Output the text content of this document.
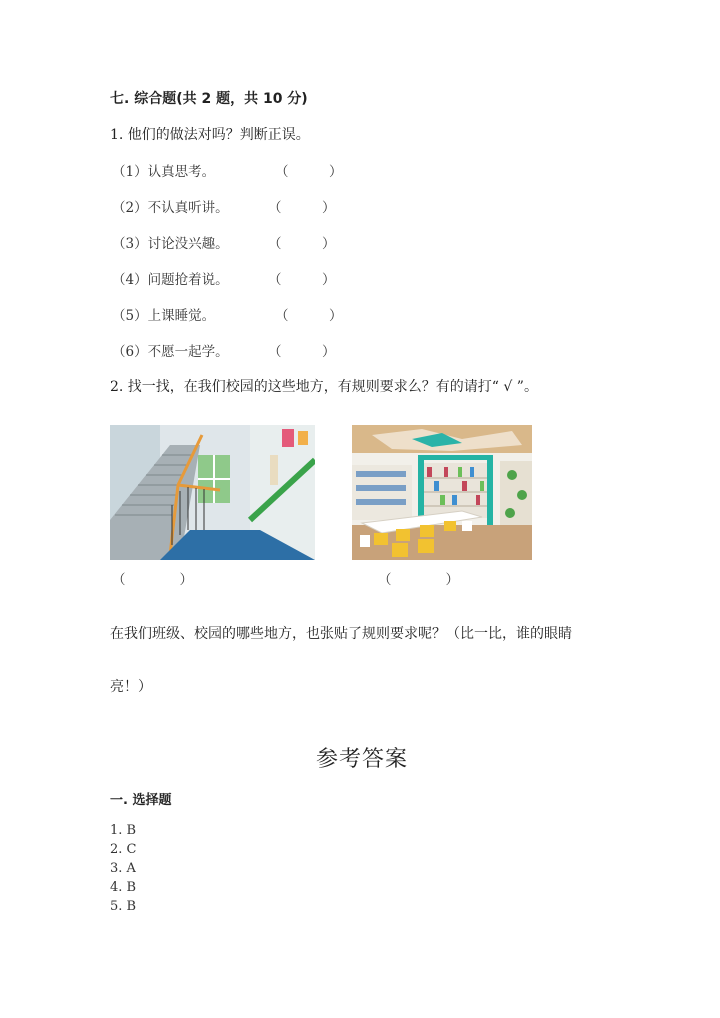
七. 综合题(共 2 题，共 10 分)
1. 他们的做法对吗？判断正误。
（1）认真思考。	（　　　）
（2）不认真听讲。	（　　　）
（3）讨论没兴趣。	（　　　）
（4）问题抢着说。	（　　　）
（5）上课睡觉。	（　　　）
（6）不愿一起学。	（　　　）
2. 找一找，在我们校园的这些地方，有规则要求么？有的请打“ √ ”。
（　　　　）	（　　　　）
在我们班级、校园的哪些地方，也张贴了规则要求呢？（比一比，谁的眼睛
亮！）
参考答案
一. 选择题
1. B
2. C
3. A
4. B
5. B
